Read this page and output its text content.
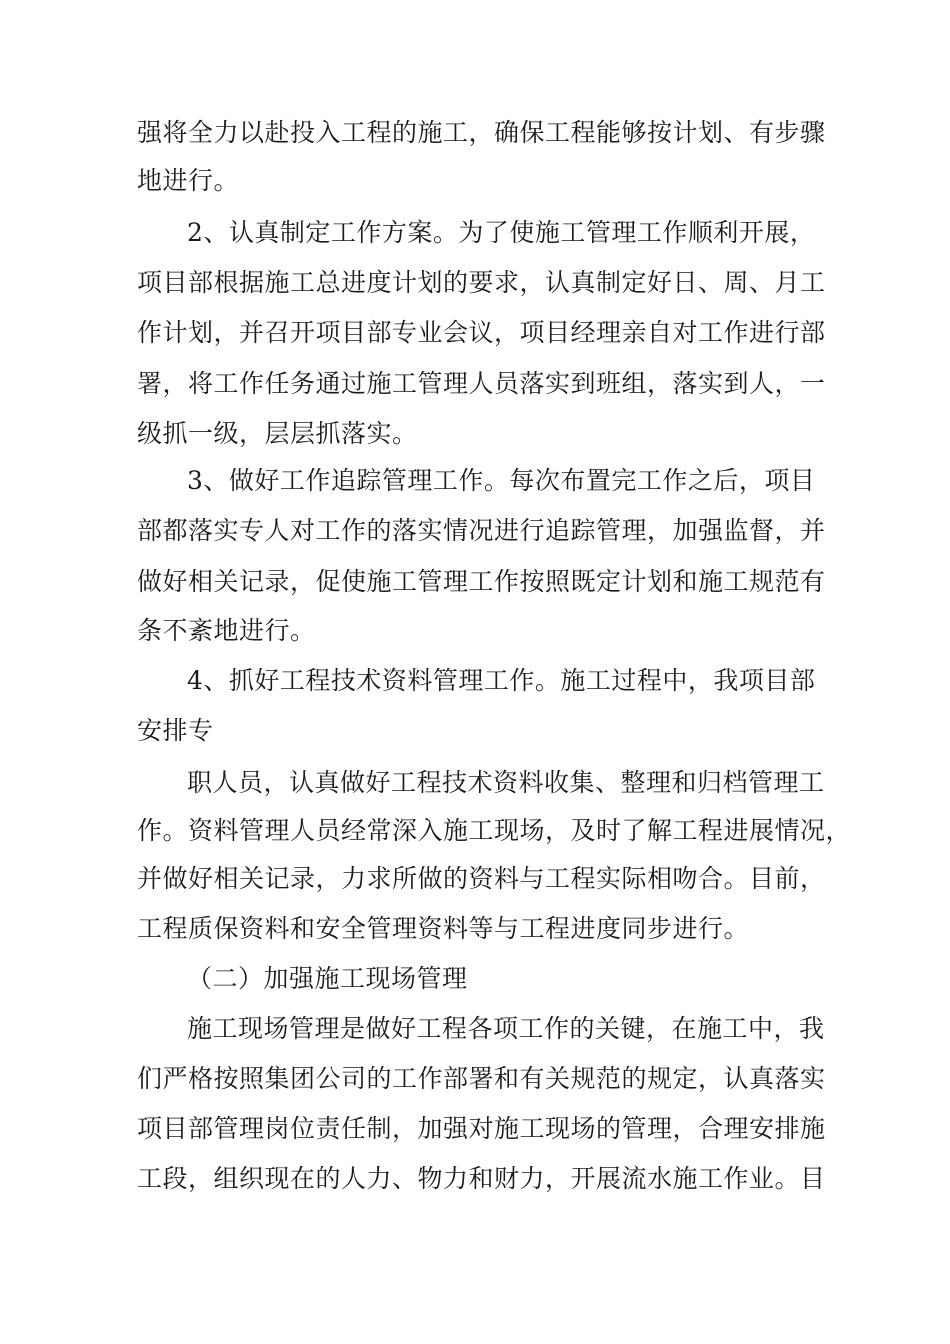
强将全力以赴投入工程的施工，确保工程能够按计划、有步骤
地进行。
2、认真制定工作方案。为了使施工管理工作顺利开展，
项目部根据施工总进度计划的要求，认真制定好日、周、月工
作计划，并召开项目部专业会议，项目经理亲自对工作进行部
署，将工作任务通过施工管理人员落实到班组，落实到人，一
级抓一级，层层抓落实。
3、做好工作追踪管理工作。每次布置完工作之后，项目
部都落实专人对工作的落实情况进行追踪管理，加强监督，并
做好相关记录，促使施工管理工作按照既定计划和施工规范有
条不紊地进行。
4、抓好工程技术资料管理工作。施工过程中，我项目部
安排专
职人员，认真做好工程技术资料收集、整理和归档管理工
作。资料管理人员经常深入施工现场，及时了解工程进展情况，
并做好相关记录，力求所做的资料与工程实际相吻合。目前，
工程质保资料和安全管理资料等与工程进度同步进行。
（二）加强施工现场管理
施工现场管理是做好工程各项工作的关键，在施工中，我
们严格按照集团公司的工作部署和有关规范的规定，认真落实
项目部管理岗位责任制，加强对施工现场的管理，合理安排施
工段，组织现在的人力、物力和财力，开展流水施工作业。目
